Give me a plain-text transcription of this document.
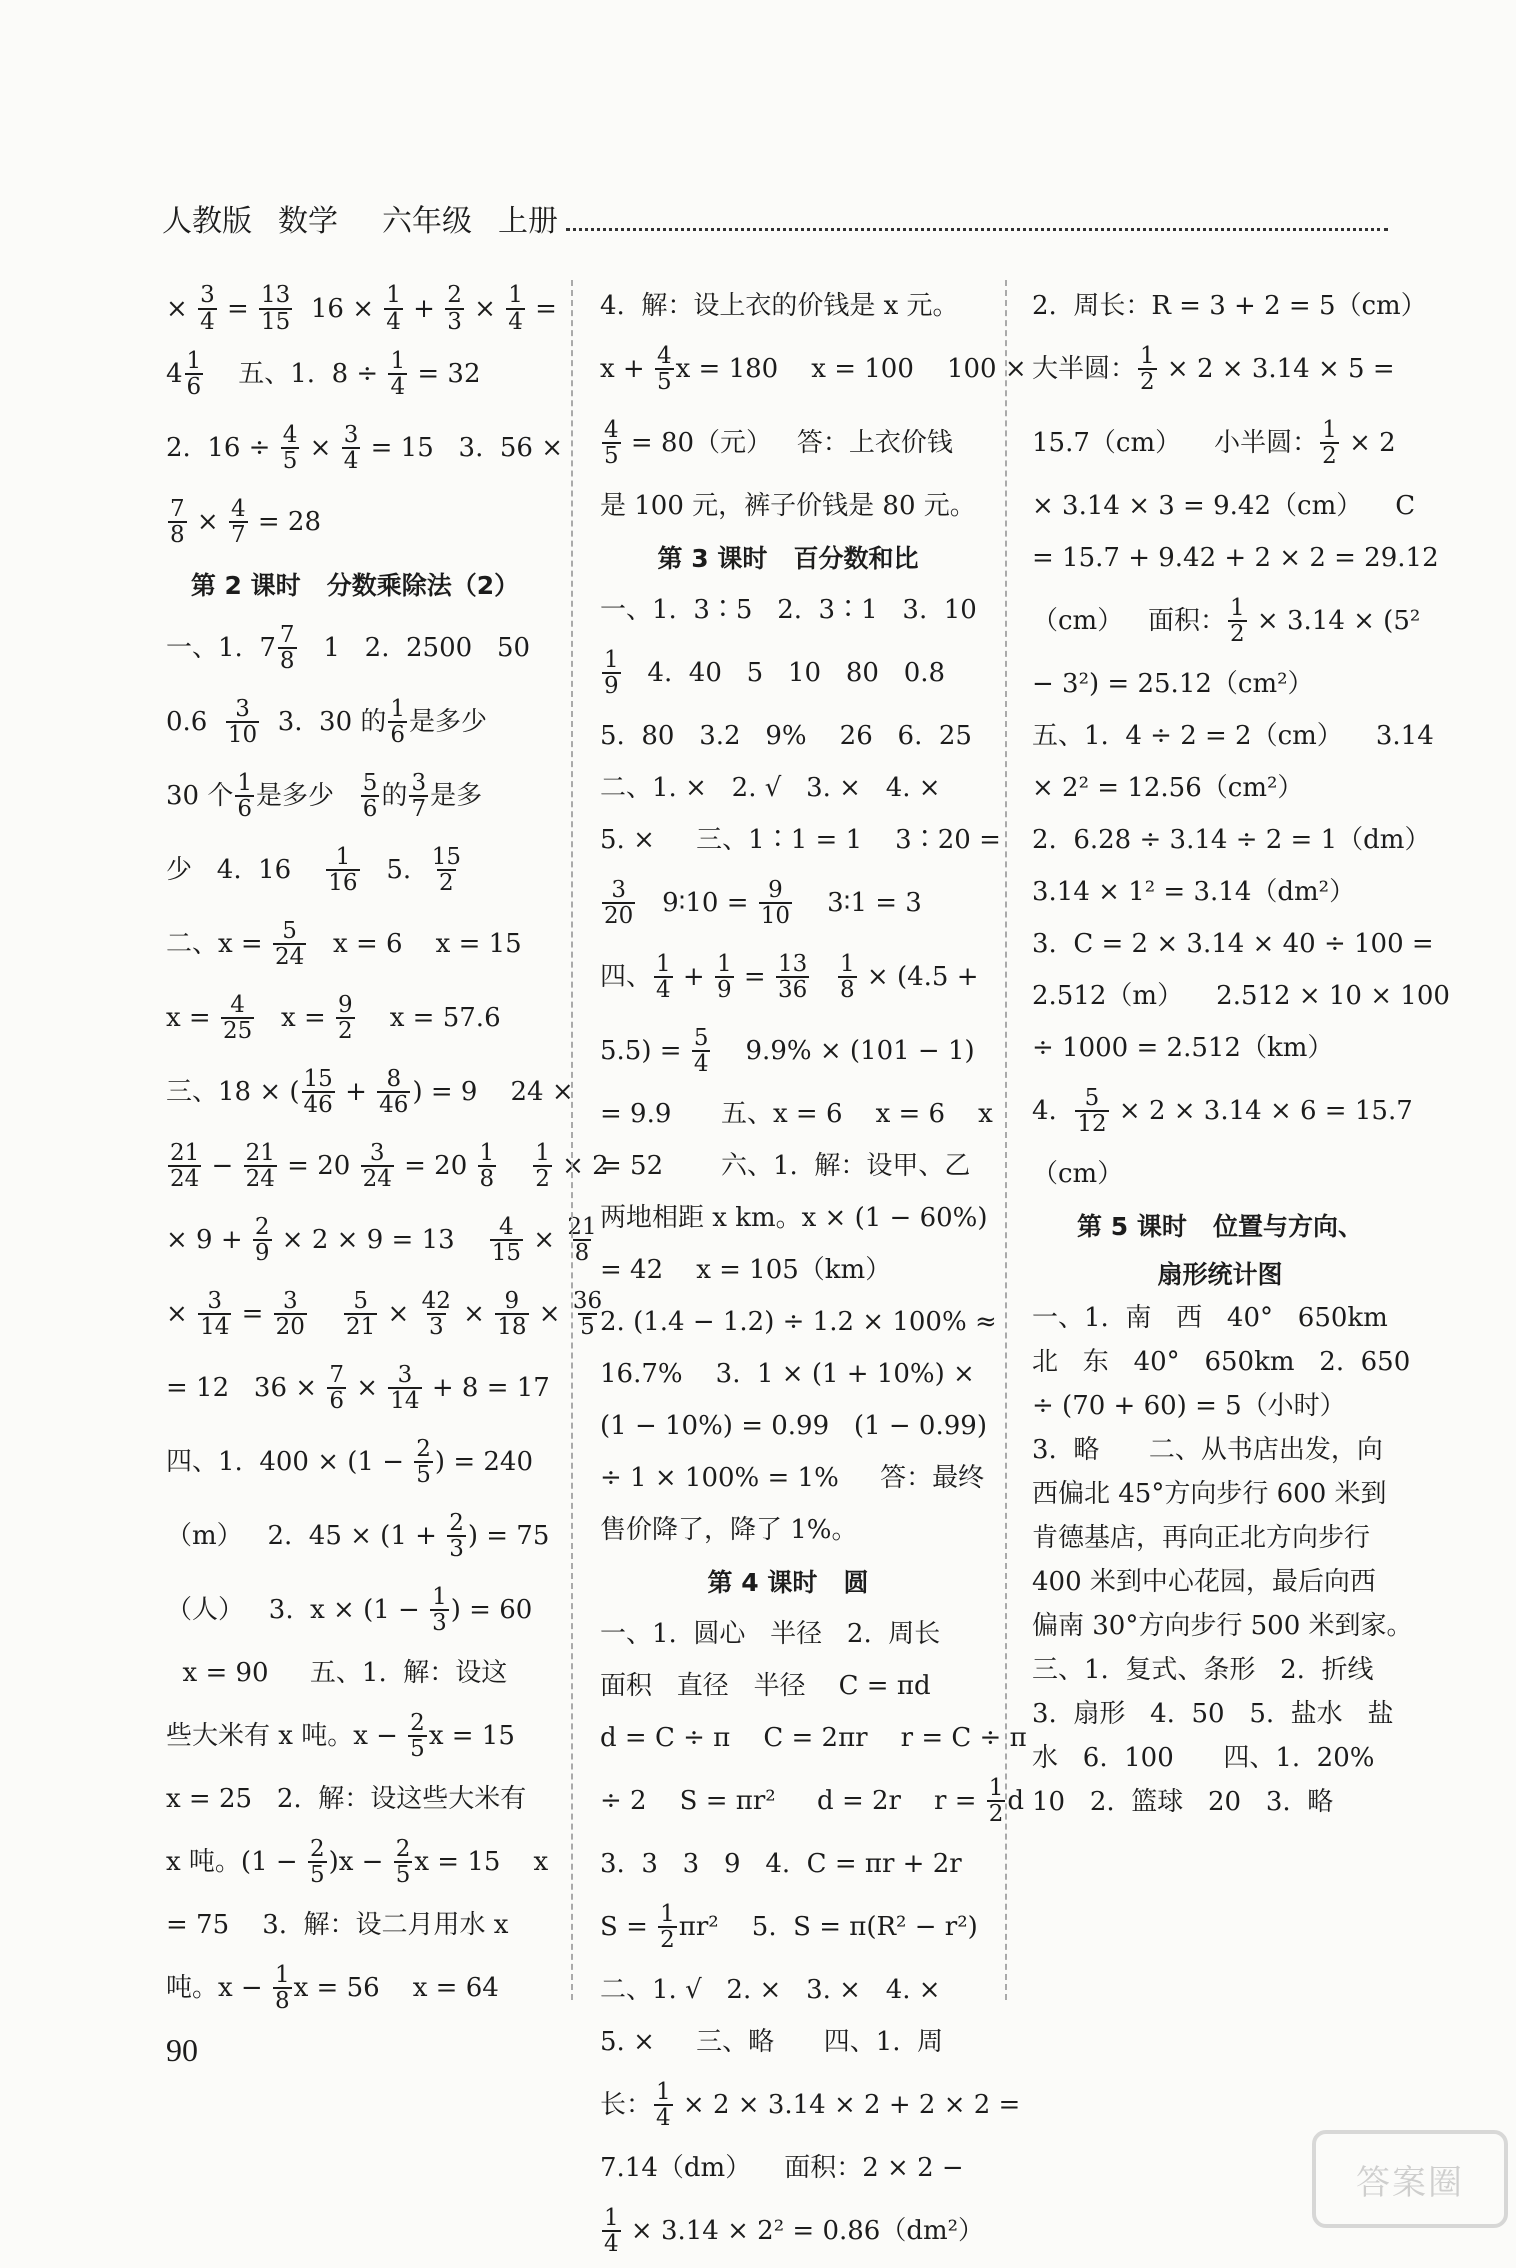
人教版 数学 六年级 上册
× $\frac{3}{4} = \frac{13}{15} 16 \times \frac{1}{4} + \frac{2}{3} \times \frac{1}{4}$ =
$4 \frac{1}{6}$ 五、1.  $8 \div \frac{1}{4} = 32$
2.  $16 \div \frac{4}{5} \times \frac{3}{4} = 15$   3.  56 ×
$\frac{7}{8} \times \frac{4}{7} = 28$
第 2 课时   分数乘除法（2）
一、1.  $7 \frac{7}{8} 1$   2.  2500   50
$0.6 \frac{3}{10} 3$.  30 的 $\frac{1}{6}$ 是多少
30 个 $\frac{1}{6}$ 是多少 $\frac{5}{6}$ 的 $\frac{3}{7}$ 是多
少   4.  $16 \frac{1}{16} 5$. $\frac{15}{2}$
二、$x = \frac{5}{24}$ x = 6    x = 15
$x = \frac{4}{25}$ $x = \frac{9}{2}$ x = 57.6
三、18 × ( $\frac{15}{46} + \frac{8}{46}$ ) = 9    24 ×
$\frac{21}{24} - \frac{21}{24} = 20 \frac{3}{24} = 20 \frac{1}{8}$
$\frac{1}{2} \times 2$
× $9 + \frac{2}{9} \times 2 \times 9 = 13 \frac{4}{15} \times \frac{21}{8}$
× $\frac{3}{14} = \frac{3}{20}$
$\frac{5}{21} \times \frac{42}{3} \times \frac{9}{18} \times \frac{36}{5}$
= 12   $36 \times \frac{7}{6} \times \frac{3}{14} + 8 = 17$
四、1.  $400 \times (1 - \frac{2}{5}$ ) = 240
（m）   2.  $45 \times (1 + \frac{2}{3}$ ) = 75
（人）   3.  $x \times (1 - \frac{1}{3}$ ) = 60
x = 90     五、1.  解：设这
些大米有 x 吨。$x - \frac{2}{5}$ x = 15
x = 25   2.  解：设这些大米有
x 吨。$(1 - \frac{2}{5} )x - \frac{2}{5}$ x = 15    x
= 75    3.  解：设二月用水 x
吨。$x - \frac{1}{8}$ x = 56    x = 64
4.  解：设上衣的价钱是 x 元。
$x + \frac{4}{5}$ x = 180    x = 100    100 ×
$\frac{4}{5} = 80$（元）   答：上衣价钱
是 100 元，裤子价钱是 80 元。
第 3 课时   百分数和比
一、1.  3∶5   2.  3∶1   3.  10
$\frac{1}{9} 4$.  40   5   10   80   0.8
5.  80   3.2   9%    26   6.  25
二、1. ×   2. √   3. ×   4. ×
5. ×     三、1∶1 = 1    3∶20 =
$\frac{3}{20}$ 9∶10 = $\frac{9}{10}$ 3∶1 = 3
四、 $\frac{1}{4} + \frac{1}{9} = \frac{13}{36}$
$\frac{1}{8} \times (4.5$ +
$5.5) = \frac{5}{4} 9.9\% \times (101 - 1)$
= 9.9      五、x = 6    x = 6    x
= 52       六、1.  解：设甲、乙
两地相距 x km。x × (1 − 60%)
= 42    x = 105（km）
2. (1.4 − 1.2) ÷ 1.2 × 100% ≈
16.7%    3.  1 × (1 + 10%) ×
(1 − 10%) = 0.99   (1 − 0.99)
÷ 1 × 100% = 1%     答：最终
售价降了，降了 1%。
第 4 课时   圆
一、1.  圆心   半径   2.  周长
面积   直径   半径    C = πd
d = C ÷ π    C = 2πr    r = C ÷ π
÷ 2    S = πr²     d = 2r    $r = \frac{1}{2}$ d
3.  3   3   9   4.  C = πr + 2r
$S = \frac{1}{2} \pi r^2$    5.  S = π(R² − r²)
二、1. √   2. ×   3. ×   4. ×
5. ×     三、略      四、1.  周
长： $\frac{1}{4} \times 2 \times 3.14 \times 2 + 2 \times 2$ =
7.14（dm）    面积：2 × 2 −
$\frac{1}{4} \times 3.14 \times 2^2 = 0.86(dm^2)$
2.  周长：R = 3 + 2 = 5（cm）
大半圆： $\frac{1}{2} \times 2 \times 3.14 \times 5$ =
15.7（cm）    小半圆： $\frac{1}{2} \times 2$
× 3.14 × 3 = 9.42（cm）    C
= 15.7 + 9.42 + 2 × 2 = 29.12
（cm）   面积： $\frac{1}{2} \times 3.14 \times (5^2$
− 3²) = 25.12（cm²）
五、1.  4 ÷ 2 = 2（cm）    3.14
× 2² = 12.56（cm²）
2.  6.28 ÷ 3.14 ÷ 2 = 1（dm）
3.14 × 1² = 3.14（dm²）
3.  C = 2 × 3.14 × 40 ÷ 100 =
2.512（m）    2.512 × 10 × 100
÷ 1000 = 2.512（km）
4. $\frac{5}{12} \times 2 \times 3.14 \times 6 = 15.7$
（cm）
第 5 课时   位置与方向、
扇形统计图
一、1.  南   西   40°   650km
北   东   40°   650km   2.  650
÷ (70 + 60) = 5（小时）
3.  略      二、从书店出发，向
西偏北 45°方向步行 600 米到
肯德基店，再向正北方向步行
400 米到中心花园，最后向西
偏南 30°方向步行 500 米到家。
三、1.  复式、条形   2.  折线
3.  扇形   4.  50   5.  盐水   盐
水   6.  100      四、1.  20%
10   2.  篮球   20   3.  略
90
答案圈
